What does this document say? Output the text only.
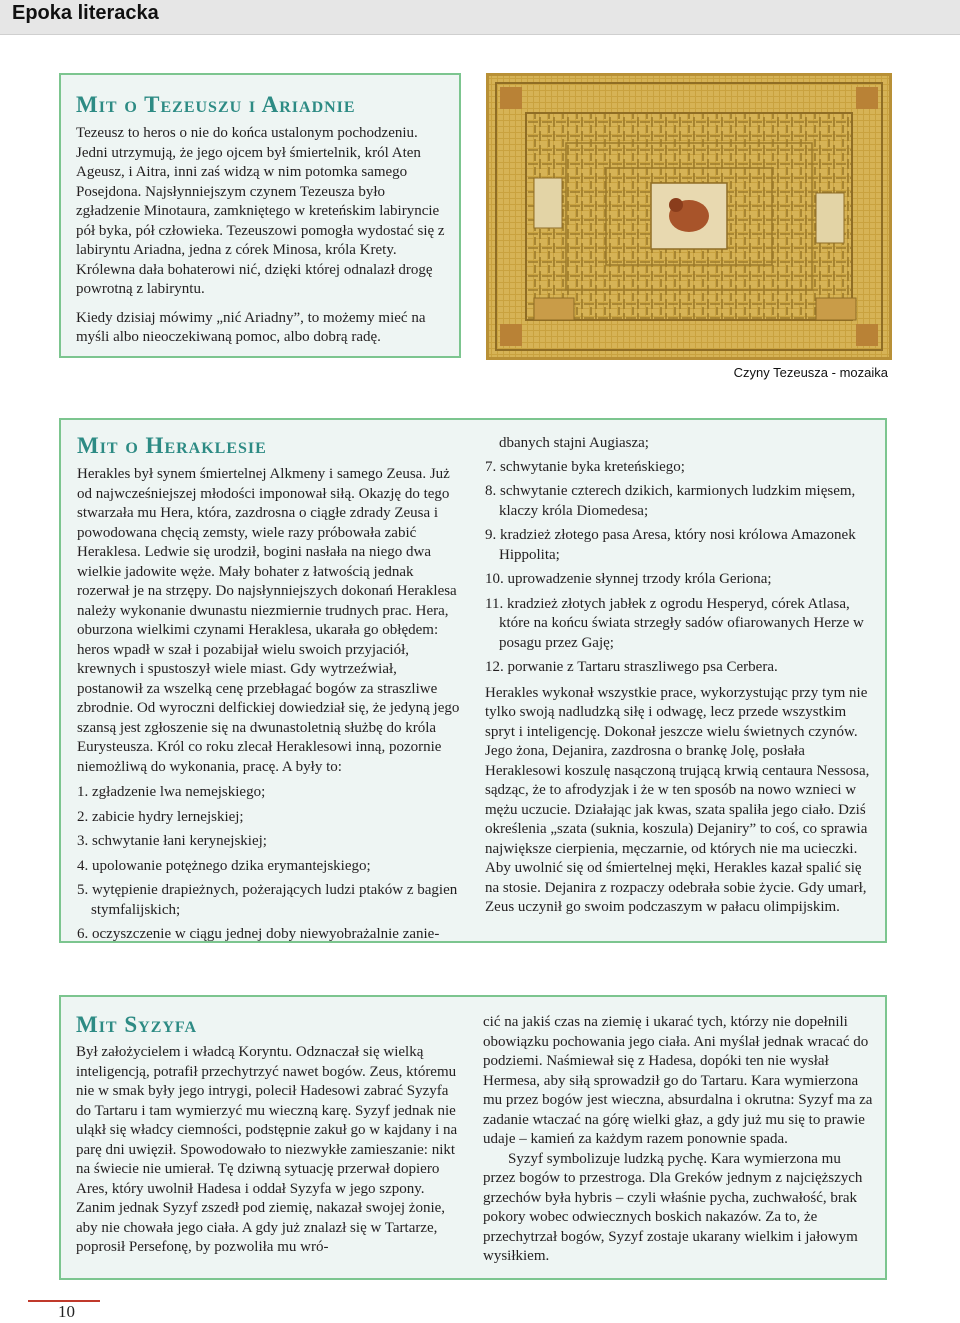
Epoka literacka
Mit o Tezeuszu i Ariadnie

Tezeusz to heros o nie do końca ustalonym pochodzeniu. Jedni utrzymują, że jego ojcem był śmiertelnik, król Aten Ageusz, i Aitra, inni zaś widzą w nim potomka samego Posejdona. Najsłynniejszym czynem Tezeusza było zgładzenie Minotaura, zamkniętego w kreteńskim labiryncie pół byka, pół człowieka. Tezeuszowi pomogła wydostać się z labiryntu Ariadna, jedna z córek Minosa, króla Krety. Królewna dała bohaterowi nić, dzięki której odnalazł drogę powrotną z labiryntu.

Kiedy dzisiaj mówimy „nić Ariadny”, to możemy mieć na myśli albo nieoczekiwaną pomoc, albo dobrą radę.

Czyny Tezeusza - mozaika
Mit o Heraklesie
Herakles był synem śmiertelnej Alkmeny i samego Zeusa. Już od najwcześniejszej młodości imponował siłą. Okazję do tego stwarzała mu Hera, która, zazdrosna o ciągłe zdrady Zeusa i powodowana chęcią zemsty, wiele razy próbowała zabić Heraklesa. Ledwie się urodził, bogini nasłała na niego dwa wielkie jadowite węże. Mały bohater z łatwością jednak rozerwał je na strzępy. Do najsłynniejszych dokonań Heraklesa należy wykonanie dwunastu niezmiernie trudnych prac. Hera, oburzona wielkimi czynami Heraklesa, ukarała go obłędem: heros wpadł w szał i pozabijał wielu swoich przyjaciół, krewnych i spustoszył wiele miast. Gdy wytrzeźwiał, postanowił za wszelką cenę przebłagać bogów za straszliwe zbrodnie. Od wyroczni delfickiej dowiedział się, że jedyną jego szansą jest zgłoszenie się na dwunastoletnią służbę do króla Eurysteusza. Król co roku zlecał Heraklesowi inną, pozornie niemożliwą do wykonania, pracę. A były to:
1. zgładzenie lwa nemejskiego;
2. zabicie hydry lernejskiej;
3. schwytanie łani kerynejskiej;
4. upolowanie potężnego dzika erymantejskiego;
5. wytępienie drapieżnych, pożerających ludzi ptaków z bagien stymfalijskich;
6. oczyszczenie w ciągu jednej doby niewyobrażalnie zanie-
dbanych stajni Augiasza;
7. schwytanie byka kreteńskiego;
8. schwytanie czterech dzikich, karmionych ludzkim mięsem, klaczy króla Diomedesa;
9. kradzież złotego pasa Aresa, który nosi królowa Amazonek Hippolita;
10. uprowadzenie słynnej trzody króla Geriona;
11. kradzież złotych jabłek z ogrodu Hesperyd, córek Atlasa, które na końcu świata strzegły sadów ofiarowanych Herze w posagu przez Gaję;
12. porwanie z Tartaru straszliwego psa Cerbera.
Herakles wykonał wszystkie prace, wykorzystując przy tym nie tylko swoją nadludzką siłę i odwagę, lecz przede wszystkim spryt i inteligencję. Dokonał jeszcze wielu świetnych czynów. Jego żona, Dejanira, zazdrosna o brankę Jolę, posłała Heraklesowi koszulę nasączoną trującą krwią centaura Nessosa, sądząc, że to afrodyzjak i że w ten sposób na nowo wznieci w mężu uczucie. Działając jak kwas, szata spaliła jego ciało. Dziś określenia „szata (suknia, koszula) Dejaniry” to coś, co sprawia największe cierpienia, męczarnie, od których nie ma ucieczki. Aby uwolnić się od śmiertelnej męki, Herakles kazał spalić się na stosie. Dejanira z rozpaczy odebrała sobie życie. Gdy umarł, Zeus uczynił go swoim podczaszym w pałacu olimpijskim.
Mit Syzyfa
Był założycielem i władcą Koryntu. Odznaczał się wielką inteligencją, potrafił przechytrzyć nawet bogów. Zeus, któremu nie w smak były jego intrygi, polecił Hadesowi zabrać Syzyfa do Tartaru i tam wymierzyć mu wieczną karę. Syzyf jednak nie uląkł się władcy ciemności, podstępnie zakuł go w kajdany i na parę dni uwięził. Spowodowało to niezwykłe zamieszanie: nikt na świecie nie umierał. Tę dziwną sytuację przerwał dopiero Ares, który uwolnił Hadesa i oddał Syzyfa w jego szpony. Zanim jednak Syzyf zszedł pod ziemię, nakazał swojej żonie, aby nie chowała jego ciała. A gdy już znalazł się w Tartarze, poprosił Persefonę, by pozwoliła mu wró-
cić na jakiś czas na ziemię i ukarać tych, którzy nie dopełnili obowiązku pochowania jego ciała. Ani myślał jednak wracać do podziemi. Naśmiewał się z Hadesa, dopóki ten nie wysłał Hermesa, aby siłą sprowadził go do Tartaru. Kara wymierzona mu przez bogów jest wieczna, absurdalna i okrutna: Syzyf ma za zadanie wtaczać na górę wielki głaz, a gdy już mu się to prawie udaje – kamień za każdym razem ponownie spada.
Syzyf symbolizuje ludzką pychę. Kara wymierzona mu przez bogów to przestroga. Dla Greków jednym z najcięższych grzechów była hybris – czyli właśnie pycha, zuchwałość, brak pokory wobec odwiecznych boskich nakazów. Za to, że przechytrzał bogów, Syzyf zostaje ukarany wielkim i jałowym wysiłkiem.
10
